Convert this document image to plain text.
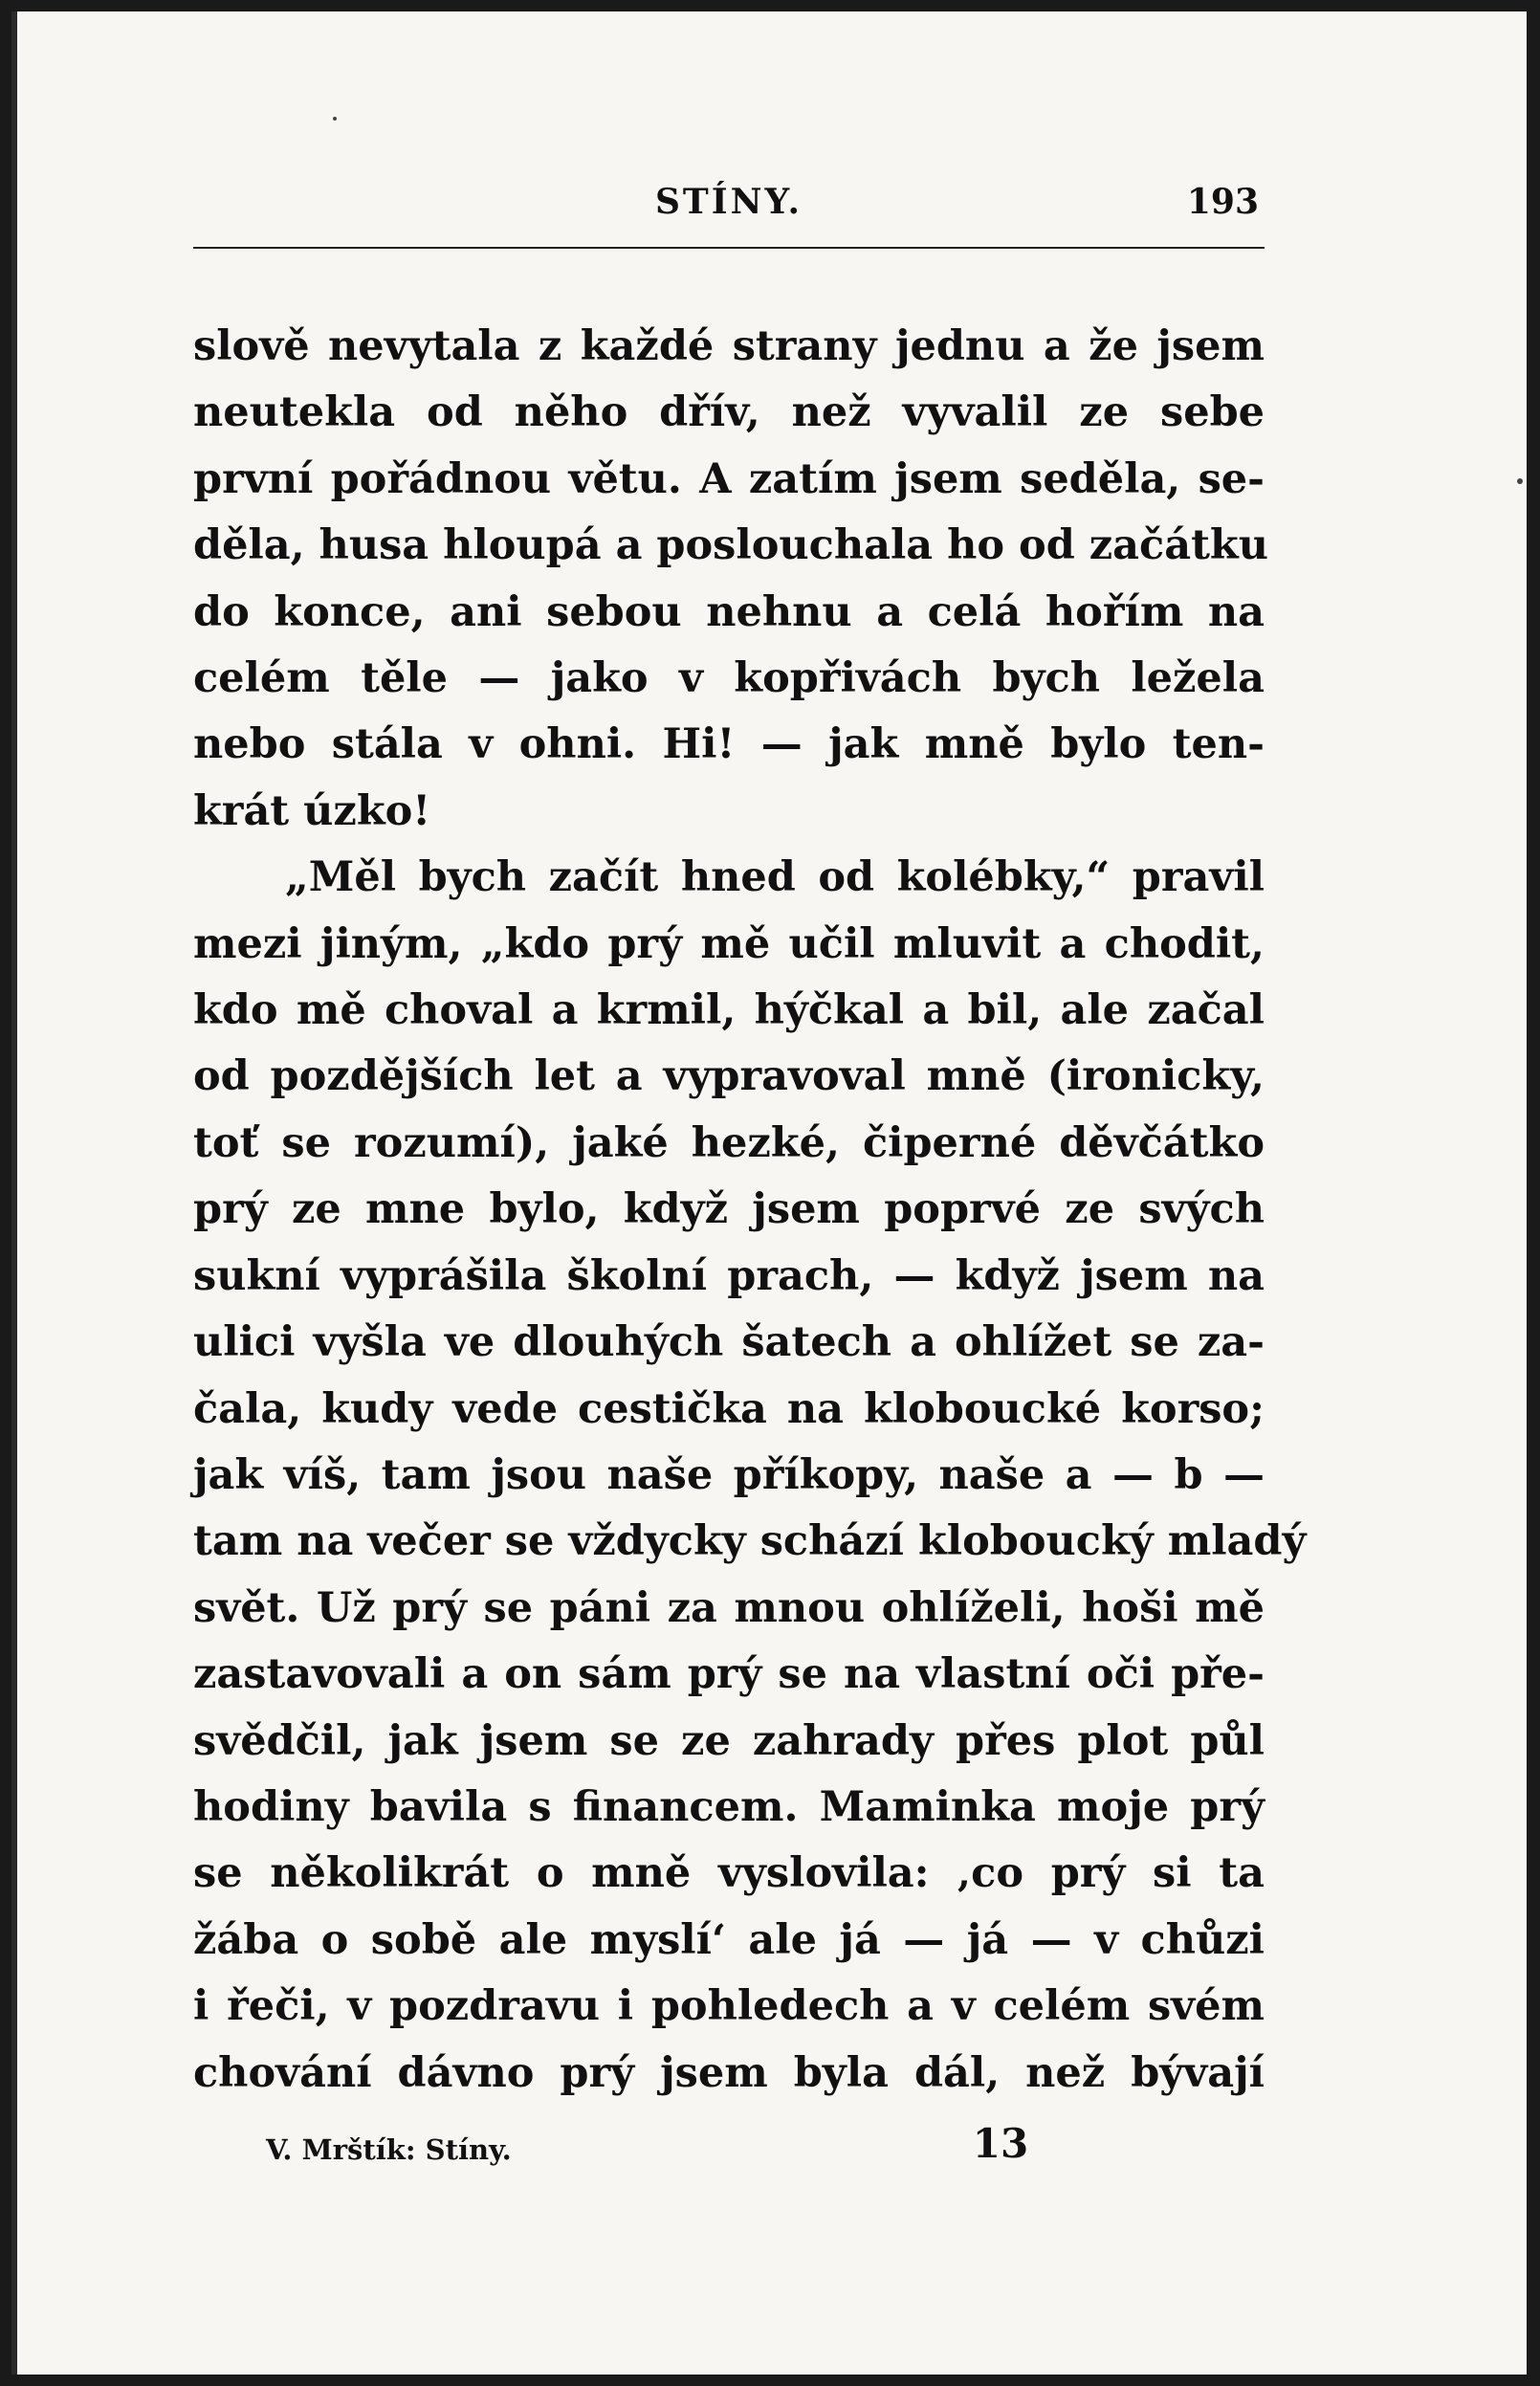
STÍNY.	193
slově nevytala z každé strany jednu a že jsem
neutekla od něho dřív, než vyvalil ze sebe
první pořádnou větu. A zatím jsem seděla, se-
děla, husa hloupá a poslouchala ho od začátku
do konce, ani sebou nehnu a celá hořím na
celém těle — jako v kopřivách bych ležela
nebo stála v ohni. Hi! — jak mně bylo ten-
krát úzko!
„Měl bych začít hned od kolébky,“ pravil
mezi jiným, „kdo prý mě učil mluvit a chodit,
kdo mě choval a krmil, hýčkal a bil, ale začal
od pozdějších let a vypravoval mně (ironicky,
toť se rozumí), jaké hezké, čiperné děvčátko
prý ze mne bylo, když jsem poprvé ze svých
sukní vyprášila školní prach, — když jsem na
ulici vyšla ve dlouhých šatech a ohlížet se za-
čala, kudy vede cestička na kloboucké korso;
jak víš, tam jsou naše příkopy, naše a — b —
tam na večer se vždycky schází kloboucký mladý
svět. Už prý se páni za mnou ohlíželi, hoši mě
zastavovali a on sám prý se na vlastní oči pře-
svědčil, jak jsem se ze zahrady přes plot půl
hodiny bavila s financem. Maminka moje prý
se několikrát o mně vyslovila: ‚co prý si ta
žába o sobě ale myslí‘ ale já — já — v chůzi
i řeči, v pozdravu i pohledech a v celém svém
chování dávno prý jsem byla dál, než bývají
V. Mrštík: Stíny.	13
